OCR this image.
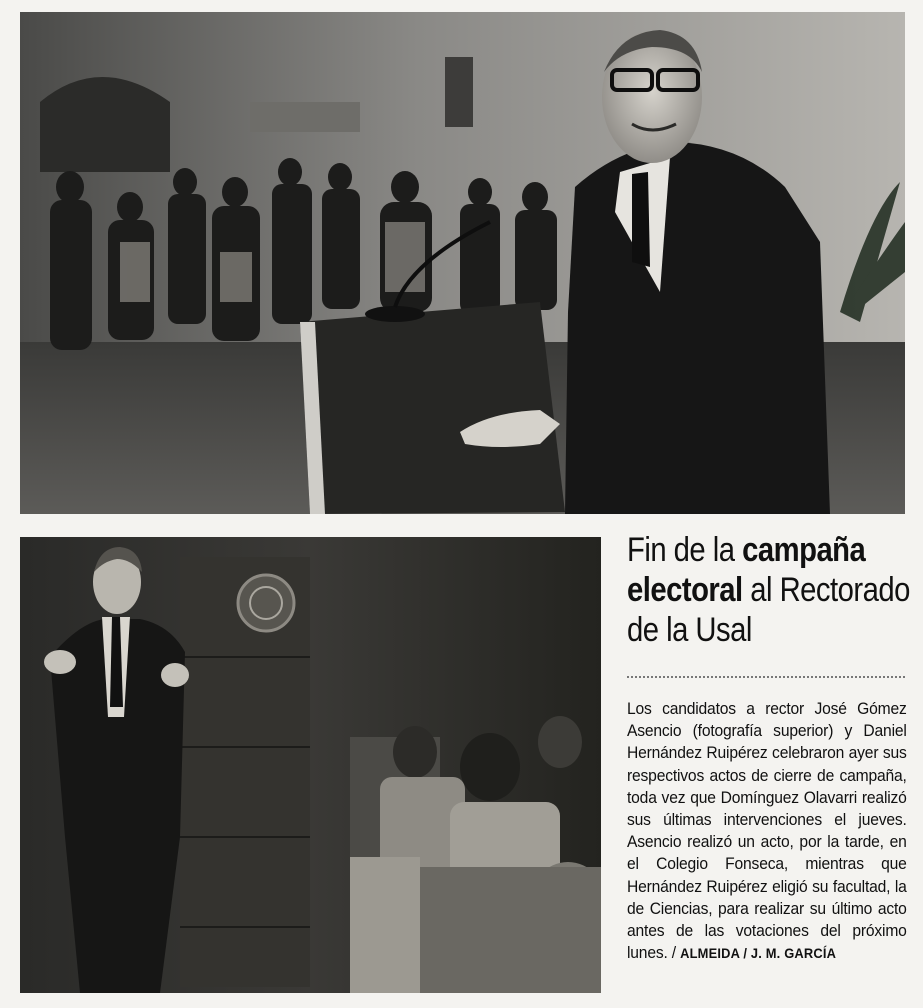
Fin de la campaña electoral al Rectorado de la Usal
Los candidatos a rector José Gómez Asencio (fotografía superior) y Daniel Hernández Ruipérez celebraron ayer sus respectivos actos de cierre de campaña, toda vez que Domínguez Olavarri realizó sus últimas intervenciones el jueves. Asencio realizó un acto, por la tarde, en el Colegio Fonseca, mientras que Hernández Ruipérez eligió su facultad, la de Ciencias, para realizar su último acto antes de las votaciones del próximo lunes. / ALMEIDA / J. M. GARCÍA
